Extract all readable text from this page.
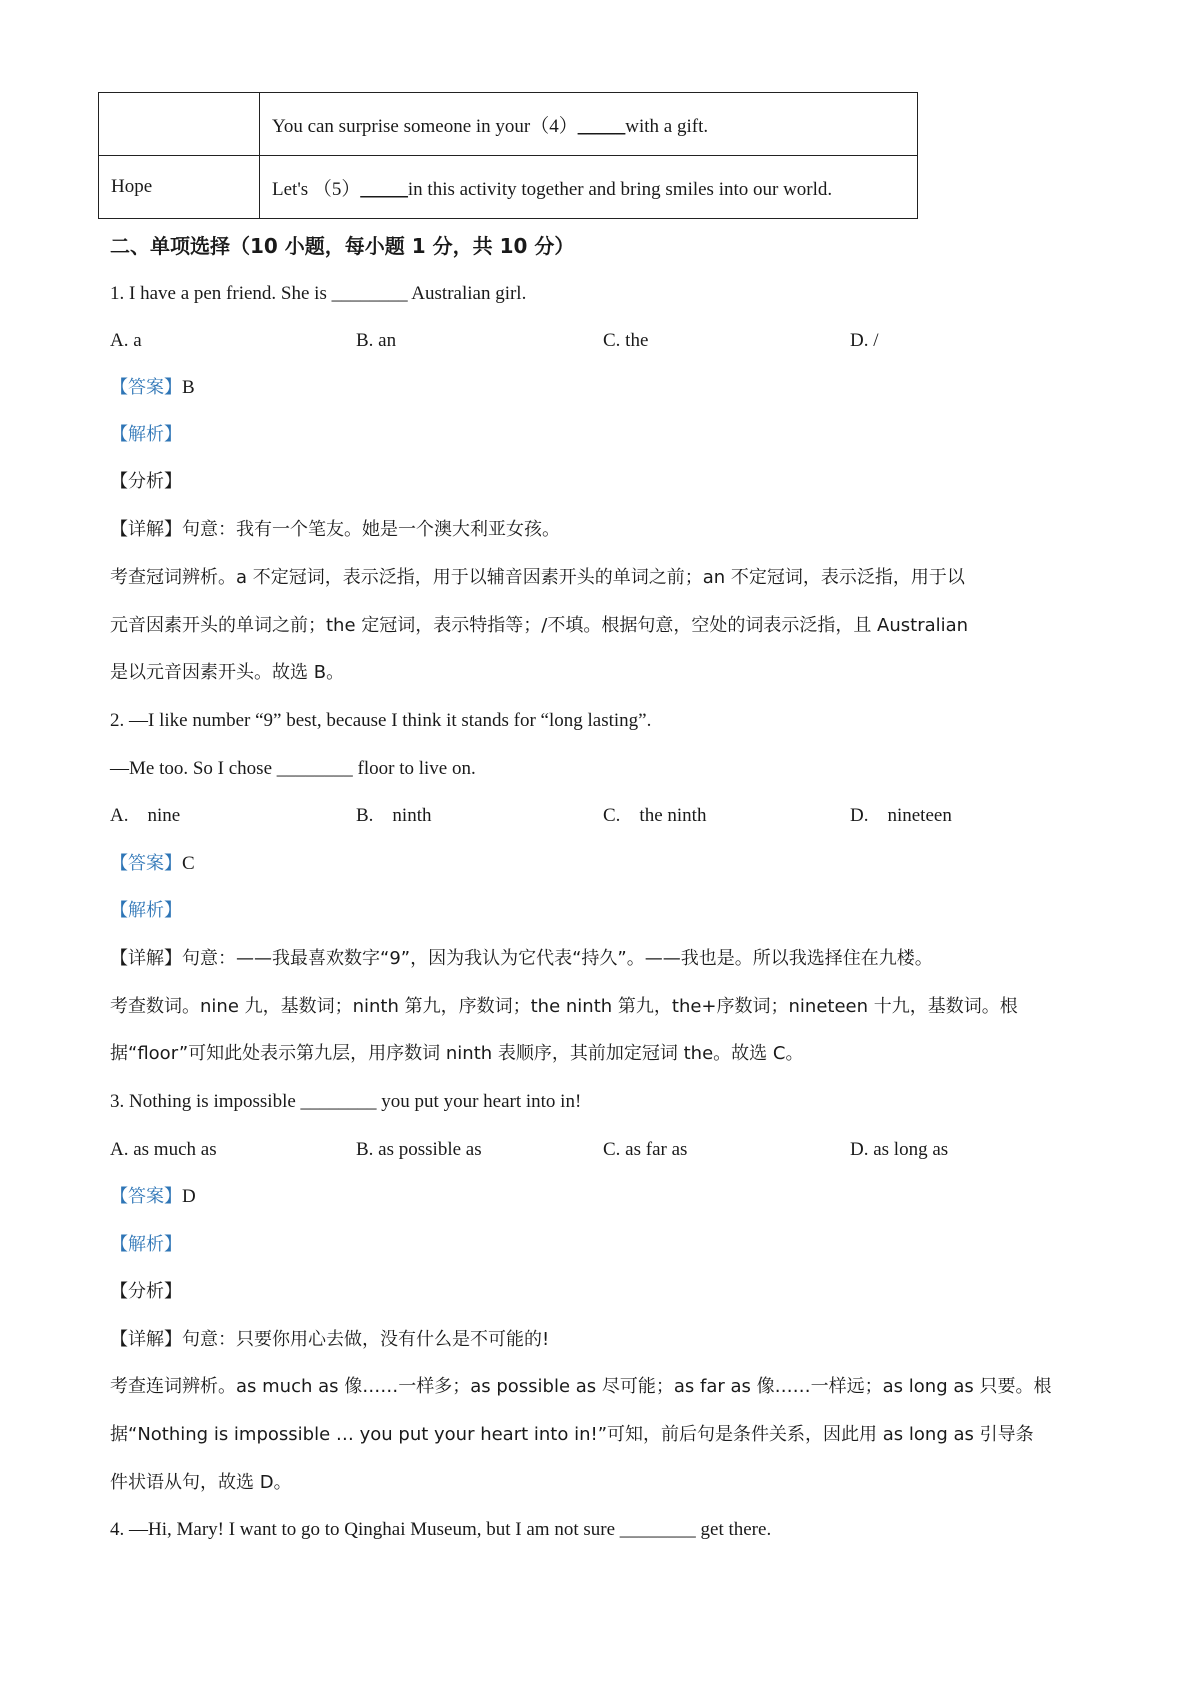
	You can surprise someone in your（4）_____with a gift.
Hope	Let's （5）_____in this activity together and bring smiles into our world.
二、单项选择（10 小题，每小题 1 分，共 10 分）
1. I have a pen friend. She is ________ Australian girl.
A. a	B. an	C. the	D. /
【答案】B
【解析】
【分析】
【详解】句意：我有一个笔友。她是一个澳大利亚女孩。
考查冠词辨析。a 不定冠词，表示泛指，用于以辅音因素开头的单词之前；an 不定冠词，表示泛指，用于以
元音因素开头的单词之前；the 定冠词，表示特指等；/不填。根据句意，空处的词表示泛指，且 Australian
是以元音因素开头。故选 B。
2. —I like number “9” best, because I think it stands for “long lasting”.
—Me too. So I chose ________ floor to live on.
A.　nine	B.　ninth	C.　the ninth	D.　nineteen
【答案】C
【解析】
【详解】句意：——我最喜欢数字“9”，因为我认为它代表“持久”。——我也是。所以我选择住在九楼。
考查数词。nine 九，基数词；ninth 第九，序数词；the ninth 第九，the+序数词；nineteen 十九，基数词。根
据“floor”可知此处表示第九层，用序数词 ninth 表顺序，其前加定冠词 the。故选 C。
3. Nothing is impossible ________ you put your heart into in!
A. as much as	B. as possible as	C. as far as	D. as long as
【答案】D
【解析】
【分析】
【详解】句意：只要你用心去做，没有什么是不可能的!
考查连词辨析。as much as 像……一样多；as possible as 尽可能；as far as 像……一样远；as long as 只要。根
据“Nothing is impossible … you put your heart into in!”可知，前后句是条件关系，因此用 as long as 引导条
件状语从句，故选 D。
4. —Hi, Mary! I want to go to Qinghai Museum, but I am not sure ________ get there.
